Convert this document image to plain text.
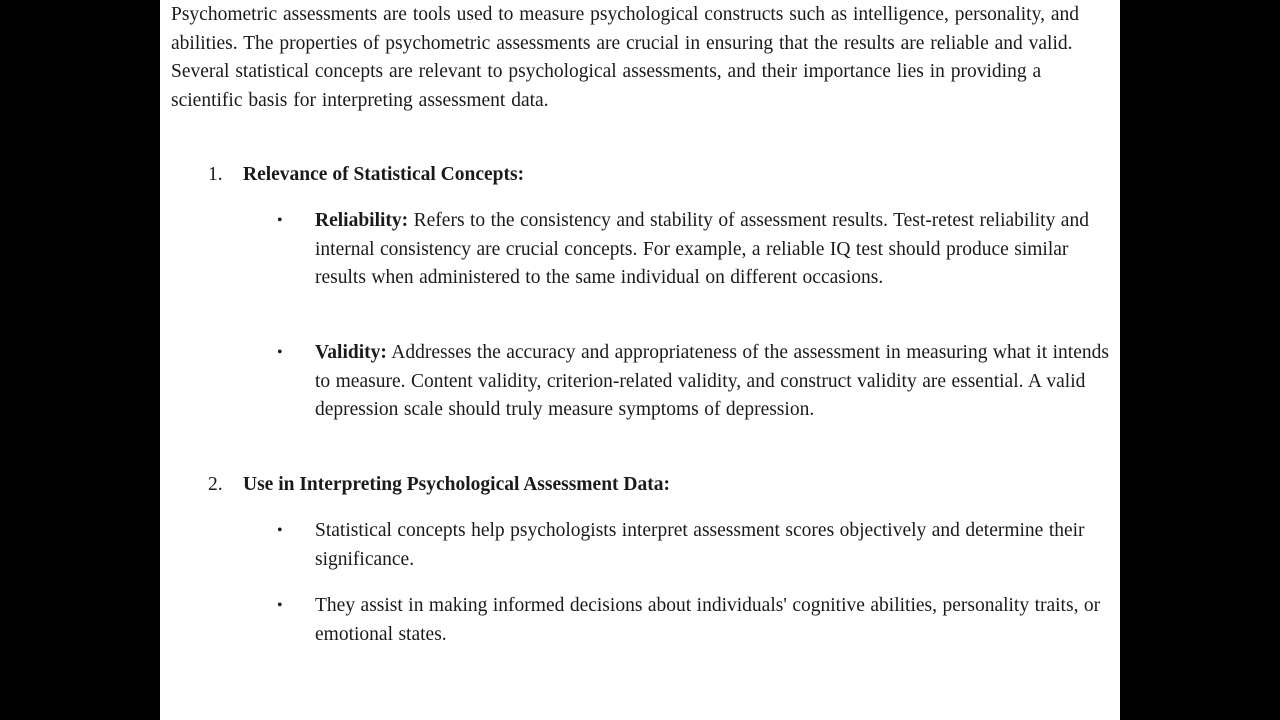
Psychometric assessments are tools used to measure psychological constructs such as intelligence, personality, and abilities. The properties of psychometric assessments are crucial in ensuring that the results are reliable and valid. Several statistical concepts are relevant to psychological assessments, and their importance lies in providing a scientific basis for interpreting assessment data.

1. Relevance of Statistical Concepts:
• Reliability: Refers to the consistency and stability of assessment results. Test-retest reliability and internal consistency are crucial concepts. For example, a reliable IQ test should produce similar results when administered to the same individual on different occasions.
• Validity: Addresses the accuracy and appropriateness of the assessment in measuring what it intends to measure. Content validity, criterion-related validity, and construct validity are essential. A valid depression scale should truly measure symptoms of depression.
2. Use in Interpreting Psychological Assessment Data:
• Statistical concepts help psychologists interpret assessment scores objectively and determine their significance.
• They assist in making informed decisions about individuals' cognitive abilities, personality traits, or emotional states.
